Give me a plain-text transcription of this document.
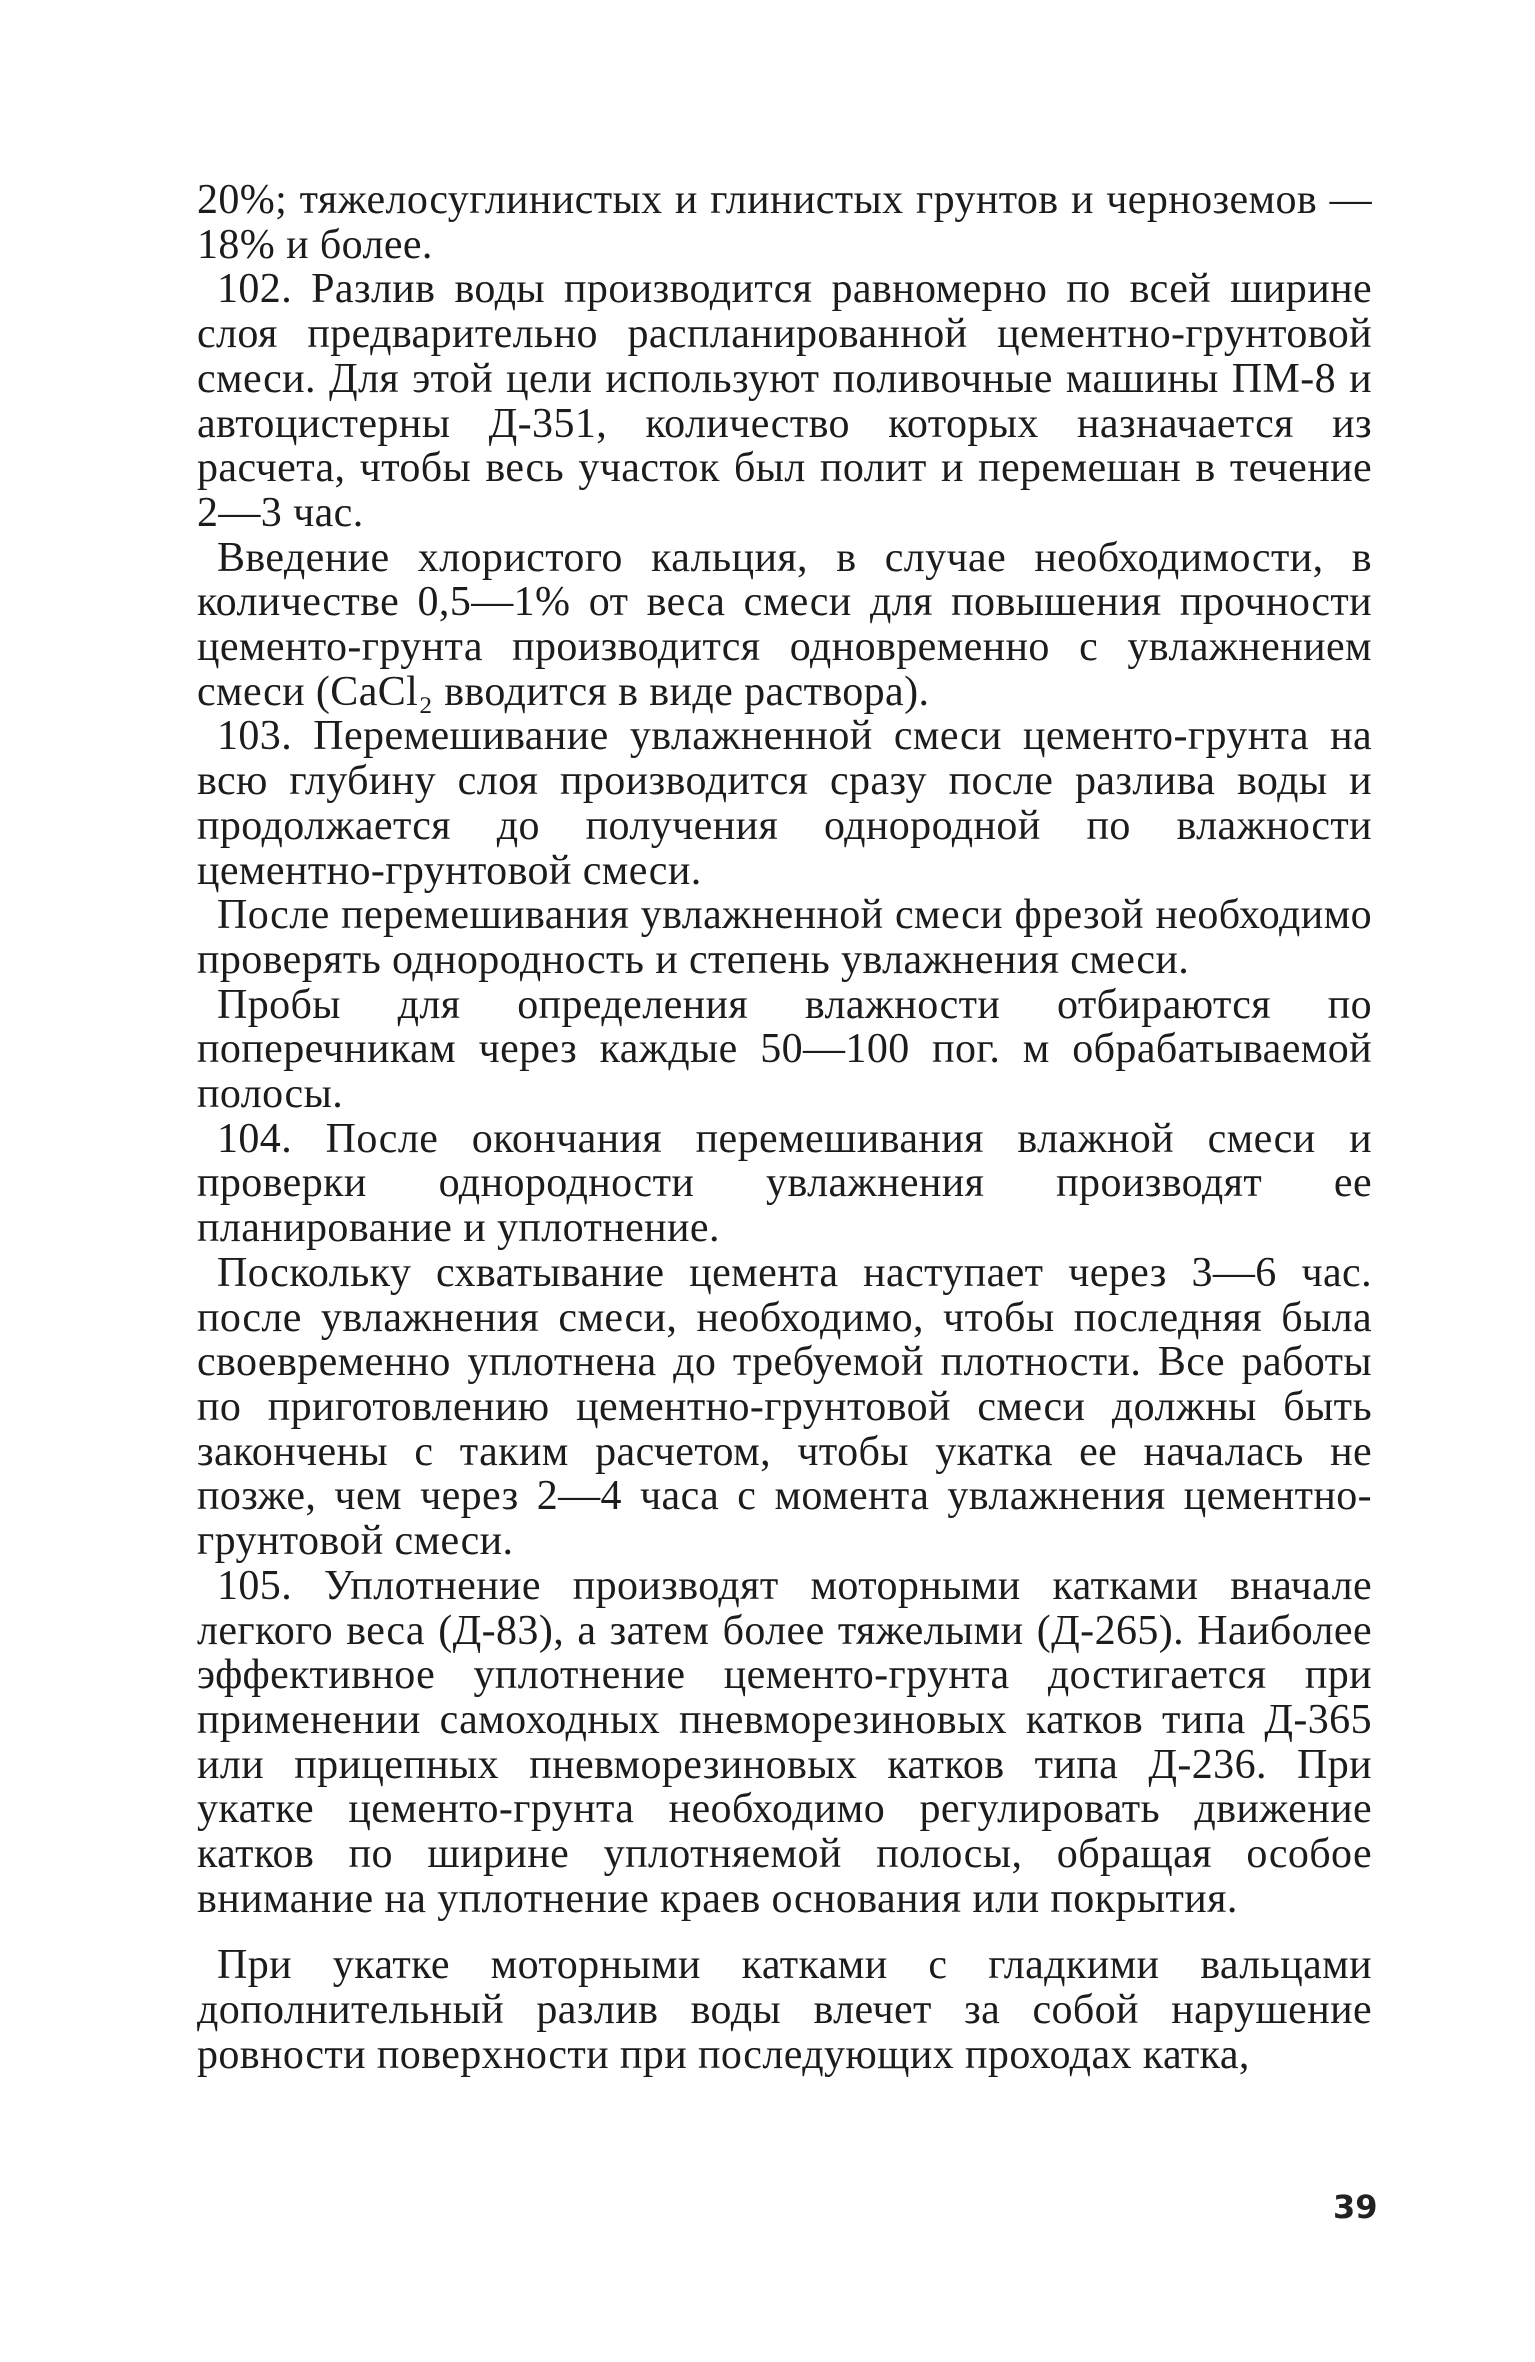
20%; тяжелосуглинистых и глинистых грунтов и черноземов — 18% и более.

102. Разлив воды производится равномерно по всей ширине слоя предварительно распланированной цементно-грунтовой смеси. Для этой цели используют поливочные машины ПМ-8 и автоцистерны Д-351, количество которых назначается из расчета, чтобы весь участок был полит и перемешан в течение 2—3 час.

Введение хлористого кальция, в случае необходимости, в количестве 0,5—1% от веса смеси для повышения прочности цементо-грунта производится одновременно с увлажнением смеси (CaCl₂ вводится в виде раствора).

103. Перемешивание увлажненной смеси цементо-грунта на всю глубину слоя производится сразу после разлива воды и продолжается до получения однородной по влажности цементно-грунтовой смеси.

После перемешивания увлажненной смеси фрезой необходимо проверять однородность и степень увлажнения смеси.

Пробы для определения влажности отбираются по поперечникам через каждые 50—100 пог. м обрабатываемой полосы.

104. После окончания перемешивания влажной смеси и проверки однородности увлажнения производят ее планирование и уплотнение.

Поскольку схватывание цемента наступает через 3—6 час. после увлажнения смеси, необходимо, чтобы последняя была своевременно уплотнена до требуемой плотности. Все работы по приготовлению цементно-грунтовой смеси должны быть закончены с таким расчетом, чтобы укатка ее началась не позже, чем через 2—4 часа с момента увлажнения цементно-грунтовой смеси.

105. Уплотнение производят моторными катками вначале легкого веса (Д-83), а затем более тяжелыми (Д-265). Наиболее эффективное уплотнение цементо-грунта достигается при применении самоходных пневморезиновых катков типа Д-365 или прицепных пневморезиновых катков типа Д-236. При укатке цементо-грунта необходимо регулировать движение катков по ширине уплотняемой полосы, обращая особое внимание на уплотнение краев основания или покрытия.

При укатке моторными катками с гладкими вальцами дополнительный разлив воды влечет за собой нарушение ровности поверхности при последующих проходах катка,

39
